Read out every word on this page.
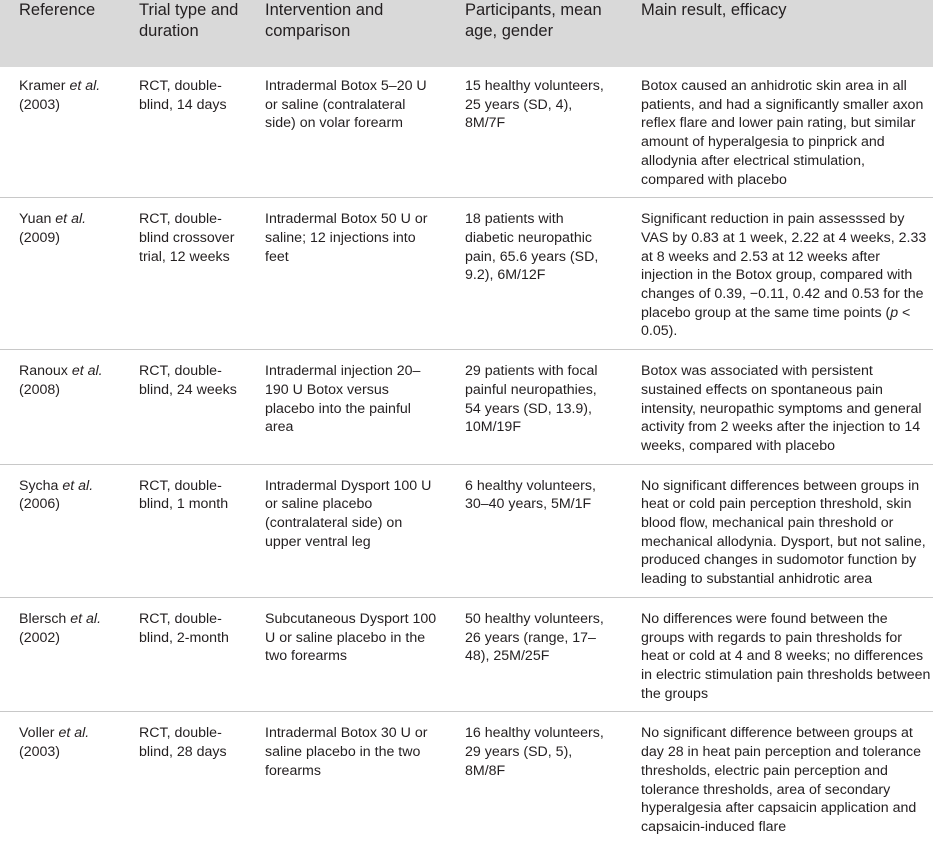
Reference	Trial type and duration	Intervention and comparison	Participants, mean age, gender	Main result, efficacy
Kramer et al. (2003)	RCT, double-blind, 14 days	Intradermal Botox 5–20 U or saline (contralateral side) on volar forearm	15 healthy volunteers, 25 years (SD, 4), 8M/7F	Botox caused an anhidrotic skin area in all patients, and had a significantly smaller axon reflex flare and lower pain rating, but similar amount of hyperalgesia to pinprick and allodynia after electrical stimulation, compared with placebo
Yuan et al. (2009)	RCT, double-blind crossover trial, 12 weeks	Intradermal Botox 50 U or saline; 12 injections into feet	18 patients with diabetic neuropathic pain, 65.6 years (SD, 9.2), 6M/12F	Significant reduction in pain assesssed by VAS by 0.83 at 1 week, 2.22 at 4 weeks, 2.33 at 8 weeks and 2.53 at 12 weeks after injection in the Botox group, compared with changes of 0.39, −0.11, 0.42 and 0.53 for the placebo group at the same time points (p < 0.05).
Ranoux et al. (2008)	RCT, double-blind, 24 weeks	Intradermal injection 20–190 U Botox versus placebo into the painful area	29 patients with focal painful neuropathies, 54 years (SD, 13.9), 10M/19F	Botox was associated with persistent sustained effects on spontaneous pain intensity, neuropathic symptoms and general activity from 2 weeks after the injection to 14 weeks, compared with placebo
Sycha et al. (2006)	RCT, double-blind, 1 month	Intradermal Dysport 100 U or saline placebo (contralateral side) on upper ventral leg	6 healthy volunteers, 30–40 years, 5M/1F	No significant differences between groups in heat or cold pain perception threshold, skin blood flow, mechanical pain threshold or mechanical allodynia. Dysport, but not saline, produced changes in sudomotor function by leading to substantial anhidrotic area
Blersch et al. (2002)	RCT, double-blind, 2-month	Subcutaneous Dysport 100 U or saline placebo in the two forearms	50 healthy volunteers, 26 years (range, 17–48), 25M/25F	No differences were found between the groups with regards to pain thresholds for heat or cold at 4 and 8 weeks; no differences in electric stimulation pain thresholds between the groups
Voller et al. (2003)	RCT, double-blind, 28 days	Intradermal Botox 30 U or saline placebo in the two forearms	16 healthy volunteers, 29 years (SD, 5), 8M/8F	No significant difference between groups at day 28 in heat pain perception and tolerance thresholds, electric pain perception and tolerance thresholds, area of secondary hyperalgesia after capsaicin application and capsaicin-induced flare
